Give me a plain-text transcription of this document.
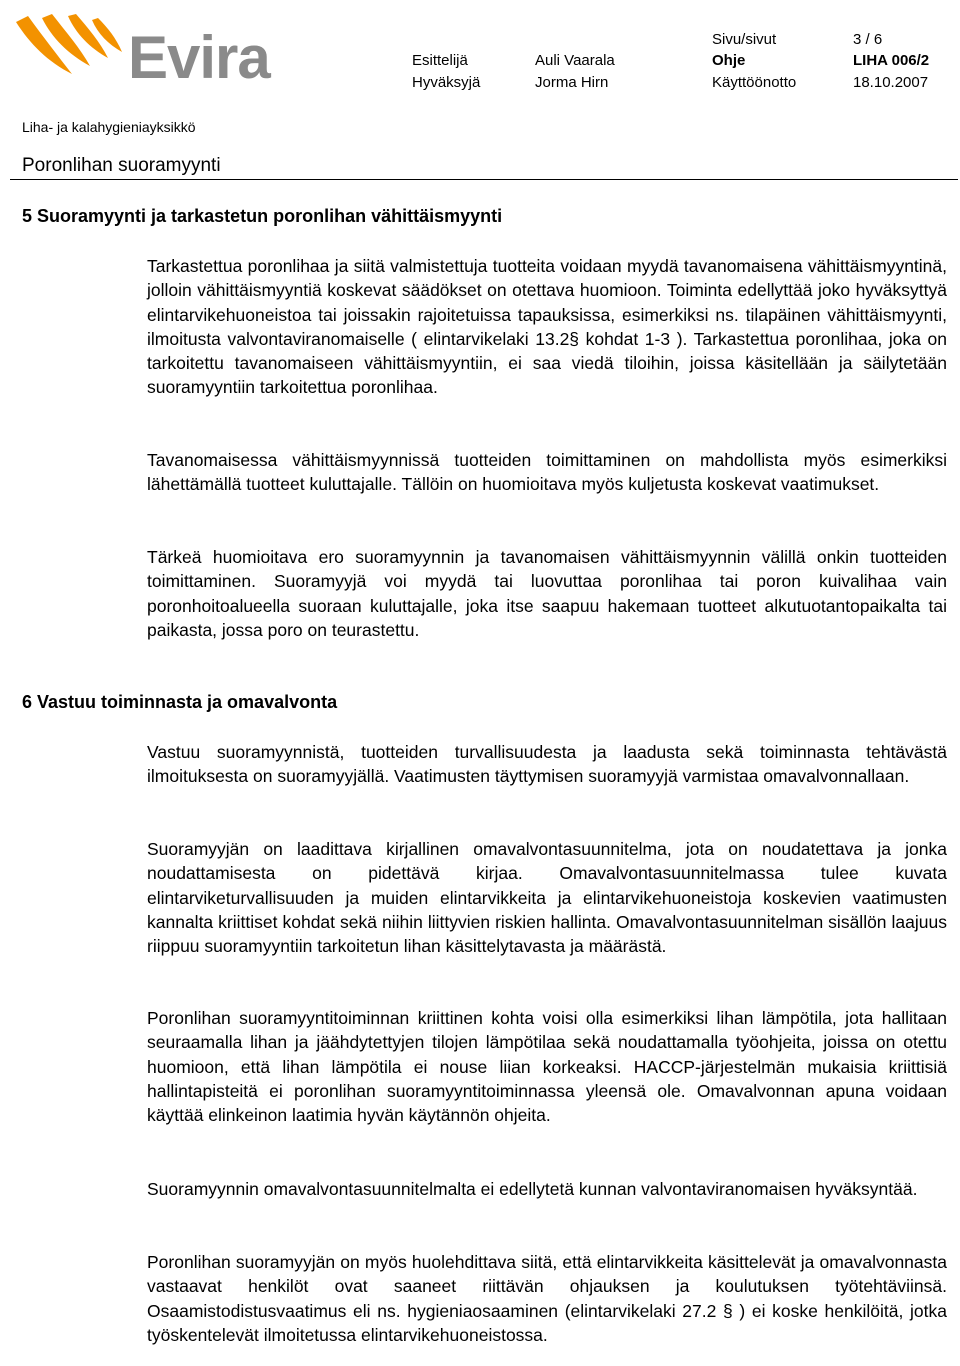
Evira	Sivu/sivut	3 / 6
Esittelijä	Auli Vaarala	Ohje	LIHA 006/2
Hyväksyjä	Jorma Hirn	Käyttöönotto	18.10.2007
Liha- ja kalahygieniayksikkö
Poronlihan suoramyynti
5 Suoramyynti ja tarkastetun poronlihan vähittäismyynti
Tarkastettua poronlihaa ja siitä valmistettuja tuotteita voidaan myydä tavanomaisena vähittäismyyntinä, jolloin vähittäismyyntiä koskevat säädökset on otettava huomioon. Toiminta edellyttää joko hyväksyttyä elintarvikehuoneistoa tai joissakin rajoitetuissa tapauksissa, esimerkiksi ns. tilapäinen vähittäismyynti, ilmoitusta valvontaviranomaiselle ( elintarvikelaki 13.2§ kohdat 1-3 ). Tarkastettua poronlihaa, joka on tarkoitettu tavanomaiseen vähittäismyyntiin, ei saa viedä tiloihin, joissa käsitellään ja säilytetään suoramyyntiin tarkoitettua poronlihaa.
Tavanomaisessa vähittäismyynnissä tuotteiden toimittaminen on mahdollista myös esimerkiksi lähettämällä tuotteet kuluttajalle. Tällöin on huomioitava myös kuljetusta koskevat vaatimukset.
Tärkeä huomioitava ero suoramyynnin ja tavanomaisen vähittäismyynnin välillä onkin tuotteiden toimittaminen. Suoramyyjä voi myydä tai luovuttaa poronlihaa tai poron kuivalihaa vain poronhoitoalueella suoraan kuluttajalle, joka itse saapuu hakemaan tuotteet alkutuotantopaikalta tai paikasta, jossa poro on teurastettu.
6 Vastuu toiminnasta ja omavalvonta
Vastuu suoramyynnistä, tuotteiden turvallisuudesta ja laadusta sekä toiminnasta tehtävästä ilmoituksesta on suoramyyjällä. Vaatimusten täyttymisen suoramyyjä varmistaa omavalvonnallaan.
Suoramyyjän on laadittava kirjallinen omavalvontasuunnitelma, jota on noudatettava ja jonka noudattamisesta on pidettävä kirjaa. Omavalvontasuunnitelmassa tulee kuvata elintarviketurvallisuuden ja muiden elintarvikkeita ja elintarvikehuoneistoja koskevien vaatimusten kannalta kriittiset kohdat sekä niihin liittyvien riskien hallinta. Omavalvontasuunnitelman sisällön laajuus riippuu suoramyyntiin tarkoitetun lihan käsittelytavasta ja määrästä.
Poronlihan suoramyyntitoiminnan kriittinen kohta voisi olla esimerkiksi lihan lämpötila, jota hallitaan seuraamalla lihan ja jäähdytettyjen tilojen lämpötilaa sekä noudattamalla työohjeita, joissa on otettu huomioon, että lihan lämpötila ei nouse liian korkeaksi. HACCP-järjestelmän mukaisia kriittisiä hallintapisteitä ei poronlihan suoramyyntitoiminnassa yleensä ole. Omavalvonnan apuna voidaan käyttää elinkeinon laatimia hyvän käytännön ohjeita.
Suoramyynnin omavalvontasuunnitelmalta ei edellytetä kunnan valvontaviranomaisen hyväksyntää.
Poronlihan suoramyyjän on myös huolehdittava siitä, että elintarvikkeita käsittelevät ja omavalvonnasta vastaavat henkilöt ovat saaneet riittävän ohjauksen ja koulutuksen työtehtäviinsä. Osaamistodistusvaatimus eli ns. hygieniaosaaminen (elintarvikelaki 27.2 § ) ei koske henkilöitä, jotka työskentelevät ilmoitetussa elintarvikehuoneistossa.
